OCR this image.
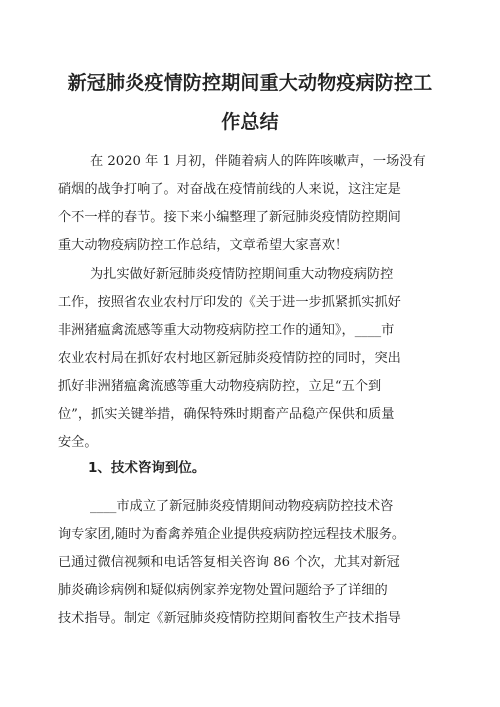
新冠肺炎疫情防控期间重大动物疫病防控工
作总结
在 2020 年 1 月初，伴随着病人的阵阵咳嗽声，一场没有
硝烟的战争打响了。对奋战在疫情前线的人来说，这注定是
个不一样的春节。接下来小编整理了新冠肺炎疫情防控期间
重大动物疫病防控工作总结，文章希望大家喜欢！
为扎实做好新冠肺炎疫情防控期间重大动物疫病防控
工作，按照省农业农村厅印发的《关于进一步抓紧抓实抓好
非洲猪瘟禽流感等重大动物疫病防控工作的通知》，____市
农业农村局在抓好农村地区新冠肺炎疫情防控的同时，突出
抓好非洲猪瘟禽流感等重大动物疫病防控，立足“五个到
位”，抓实关键举措，确保特殊时期畜产品稳产保供和质量
安全。
1、技术咨询到位。
____市成立了新冠肺炎疫情期间动物疫病防控技术咨
询专家团,随时为畜禽养殖企业提供疫病防控远程技术服务。
已通过微信视频和电话答复相关咨询 86 个次，尤其对新冠
肺炎确诊病例和疑似病例家养宠物处置问题给予了详细的
技术指导。制定《新冠肺炎疫情防控期间畜牧生产技术指导
